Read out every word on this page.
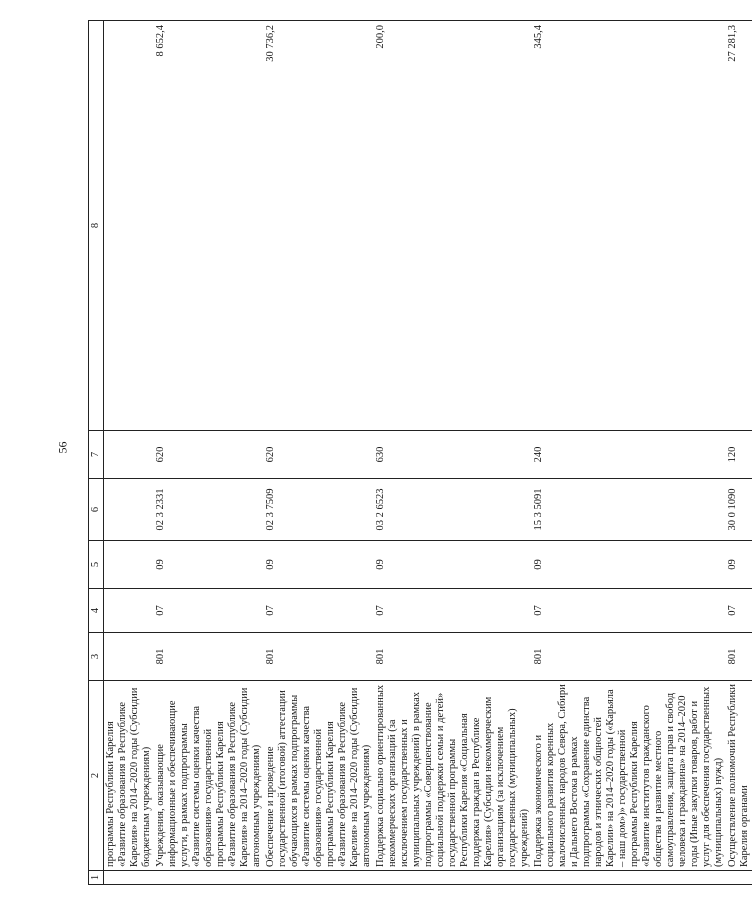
56
1	2	3	4	5	6	7	8
	программы Республики Карелия «Развитие образования в Республике Карелия» на 2014–2020 годы (Субсидии бюджетным учреждениям)						
	Учреждения, оказывающие информационные и обеспечивающие услуги, в рамках подпрограммы «Развитие системы оценки качества образования» государственной программы Республики Карелия «Развитие образования в Республике Карелия» на 2014–2020 годы (Субсидии автономным учреждениям)	801	07	09	02 3 2331	620	8 652,4
	Обеспечение и проведение государственной (итоговой) аттестации обучающихся в рамках подпрограммы «Развитие системы оценки качества образования» государственной программы Республики Карелия «Развитие образования в Республике Карелия» на 2014–2020 годы (Субсидии автономным учреждениям)	801	07	09	02 3 7509	620	30 736,2
	Поддержка социально ориентированных некоммерческих организаций (за исключением государственных и муниципальных учреждений) в рамках подпрограммы «Совершенствование социальной поддержки семьи и детей» государственной программы Республики Карелия «Социальная поддержка граждан в Республике Карелия» (Субсидии некоммерческим организациям (за исключением государственных (муниципальных) учреждений)	801	07	09	03 2 6523	630	200,0
	Поддержка экономического и социального развития коренных малочисленных народов Севера, Сибири и Дальнего Востока в рамках подпрограммы «Сохранение единства народов и этнических общностей Карелии» на 2014–2020 годы («Карьяла – наш дом»)» государственной программы Республики Карелия «Развитие институтов гражданского общества и развитие местного самоуправления, защита прав и свобод человека и гражданина» на 2014–2020 годы (Иные закупки товаров, работ и услуг для обеспечения государственных (муниципальных) нужд)	801	07	09	15 3 5091	240	345,4
	Осуществление полномочий Республики Карелия органами	801	07	09	30 0 1090	120	27 281,3
